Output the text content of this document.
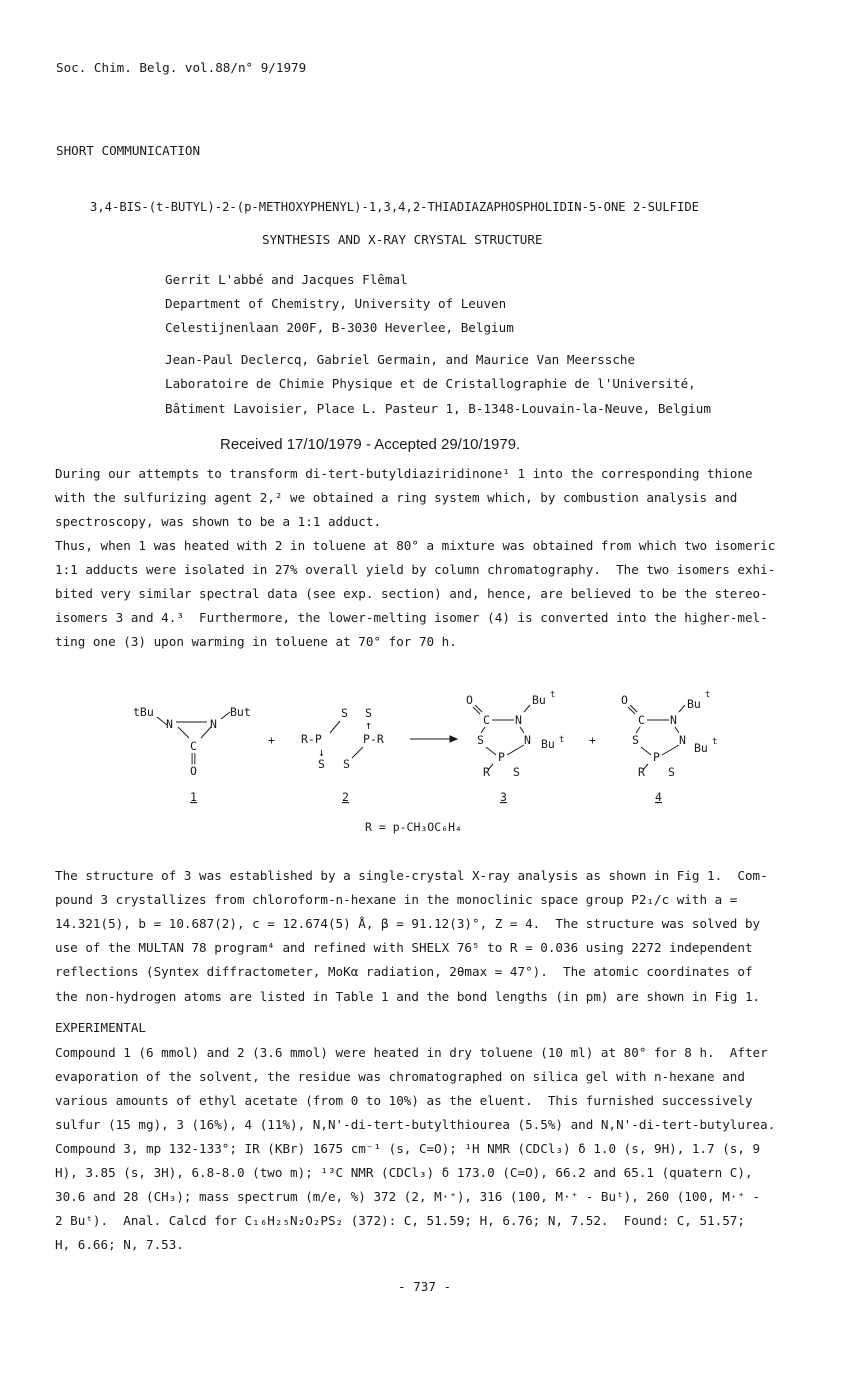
Soc. Chim. Belg. vol.88/n° 9/1979
SHORT COMMUNICATION
3,4-BIS-(t-BUTYL)-2-(p-METHOXYPHENYL)-1,3,4,2-THIADIAZAPHOSPHOLIDIN-5-ONE 2-SULFIDE
SYNTHESIS AND X-RAY CRYSTAL STRUCTURE
Gerrit L'abbé and Jacques Flêmal
Department of Chemistry, University of Leuven
Celestijnenlaan 200F, B-3030 Heverlee, Belgium
Jean-Paul Declercq, Gabriel Germain, and Maurice Van Meerssche
Laboratoire de Chimie Physique et de Cristallographie de l'Université,
Bâtiment Lavoisier, Place L. Pasteur 1, B-1348-Louvain-la-Neuve, Belgium
Received 17/10/1979 - Accepted 29/10/1979.
During our attempts to transform di-tert-butyldiaziridinone¹ 1 into the corresponding thione
with the sulfurizing agent 2,² we obtained a ring system which, by combustion analysis and
spectroscopy, was shown to be a 1:1 adduct.
Thus, when 1 was heated with 2 in toluene at 80° a mixture was obtained from which two isomeric
1:1 adducts were isolated in 27% overall yield by column chromatography.  The two isomers exhi-
bited very similar spectral data (see exp. section) and, hence, are believed to be the stereo-
isomers 3 and 4.³  Furthermore, the lower-melting isomer (4) is converted into the higher-mel-
ting one (3) upon warming in toluene at 70° for 70 h.
tBu	But
N	N
C
‖
O
1
+
S S
↑
R-P	P-R
↓
S S
2
O	Bu t
C N
S	N Bu t
P
R S
3
+
O	Bu
t
C N
S	N
Bu t
P
R S
4
R = p-CH₃OC₆H₄
The structure of 3 was established by a single-crystal X-ray analysis as shown in Fig 1.  Com-
pound 3 crystallizes from chloroform-n-hexane in the monoclinic space group P2₁/c with a =
14.321(5), b = 10.687(2), c = 12.674(5) Å, β = 91.12(3)°, Z = 4.  The structure was solved by
use of the MULTAN 78 program⁴ and refined with SHELX 76⁵ to R = 0.036 using 2272 independent
reflections (Syntex diffractometer, MoKα radiation, 2θmax = 47°).  The atomic coordinates of
the non-hydrogen atoms are listed in Table 1 and the bond lengths (in pm) are shown in Fig 1.
EXPERIMENTAL
Compound 1 (6 mmol) and 2 (3.6 mmol) were heated in dry toluene (10 ml) at 80° for 8 h.  After
evaporation of the solvent, the residue was chromatographed on silica gel with n-hexane and
various amounts of ethyl acetate (from 0 to 10%) as the eluent.  This furnished successively
sulfur (15 mg), 3 (16%), 4 (11%), N,N'-di-tert-butylthiourea (5.5%) and N,N'-di-tert-butylurea.
Compound 3, mp 132-133°; IR (KBr) 1675 cm⁻¹ (s, C=O); ¹H NMR (CDCl₃) δ 1.0 (s, 9H), 1.7 (s, 9
H), 3.85 (s, 3H), 6.8-8.0 (two m); ¹³C NMR (CDCl₃) δ 173.0 (C=O), 66.2 and 65.1 (quatern C),
30.6 and 28 (CH₃); mass spectrum (m/e, %) 372 (2, M·⁺), 316 (100, M·⁺ - Buᵗ), 260 (100, M·⁺ -
2 Buᵗ).  Anal. Calcd for C₁₆H₂₅N₂O₂PS₂ (372): C, 51.59; H, 6.76; N, 7.52.  Found: C, 51.57;
H, 6.66; N, 7.53.
- 737 -
